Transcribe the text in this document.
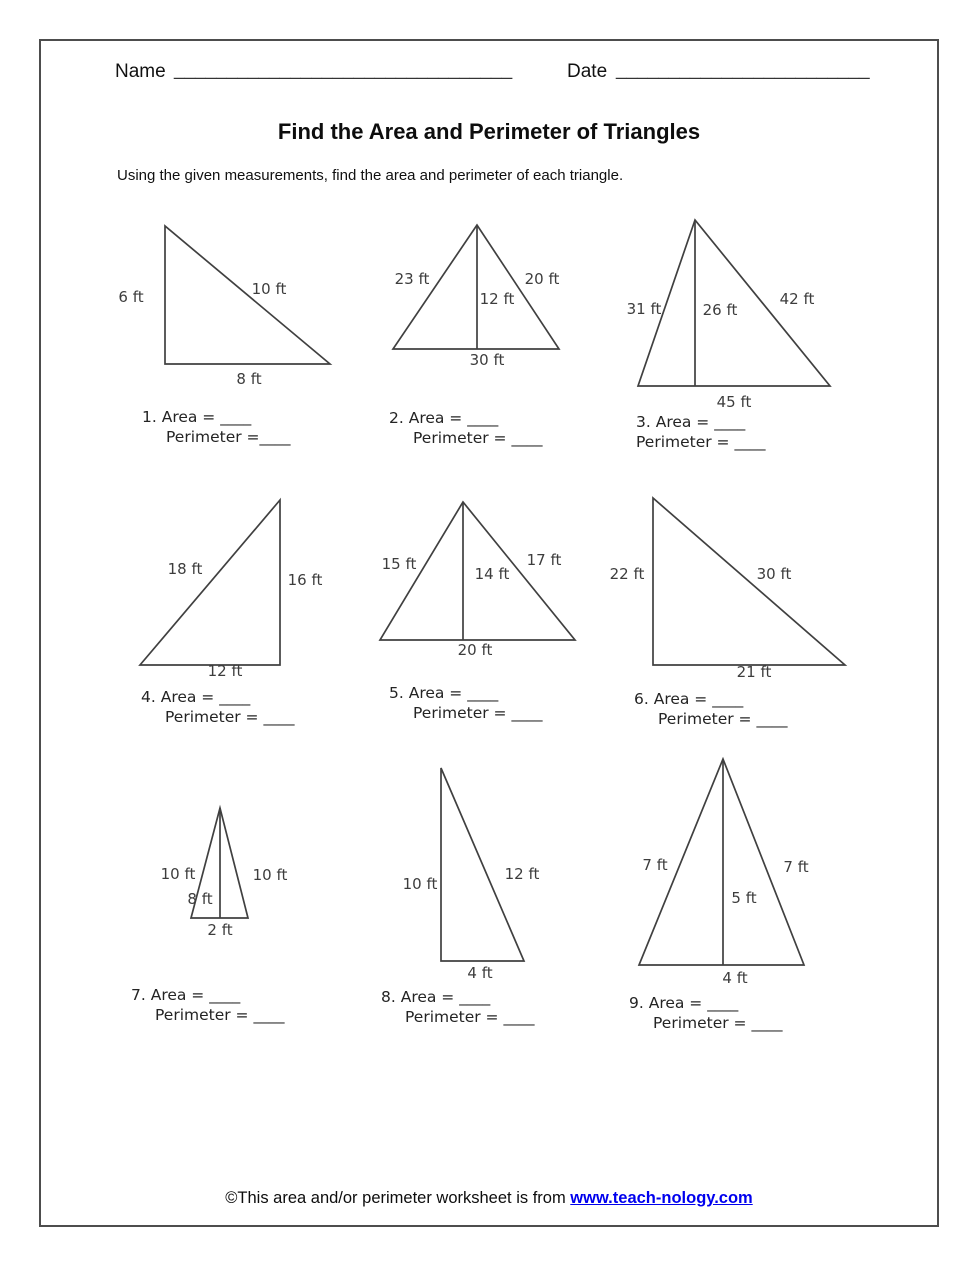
Name ________________________________	Date ________________________
Find the Area and Perimeter of Triangles
Using the given measurements, find the area and perimeter of each triangle.
6 ft	10 ft
8 ft
1. Area = ____
Perimeter =____
23 ft	20 ft
12 ft
30 ft
2. Area = ____
Perimeter = ____
31 ft	26 ft
42 ft
45 ft
3. Area = ____
Perimeter = ____
18 ft
16 ft
12 ft
4. Area = ____
Perimeter = ____
15 ft
14 ft
17 ft
20 ft
5. Area = ____
Perimeter = ____
22 ft	30 ft
21 ft
6. Area = ____
Perimeter = ____
10 ft	10 ft
8 ft
2 ft
7. Area = ____
Perimeter = ____
10 ft
12 ft
4 ft
8. Area = ____
Perimeter = ____
7 ft	7 ft
5 ft
4 ft
9. Area = ____
Perimeter = ____
©This area and/or perimeter worksheet is from www.teach-nology.com
